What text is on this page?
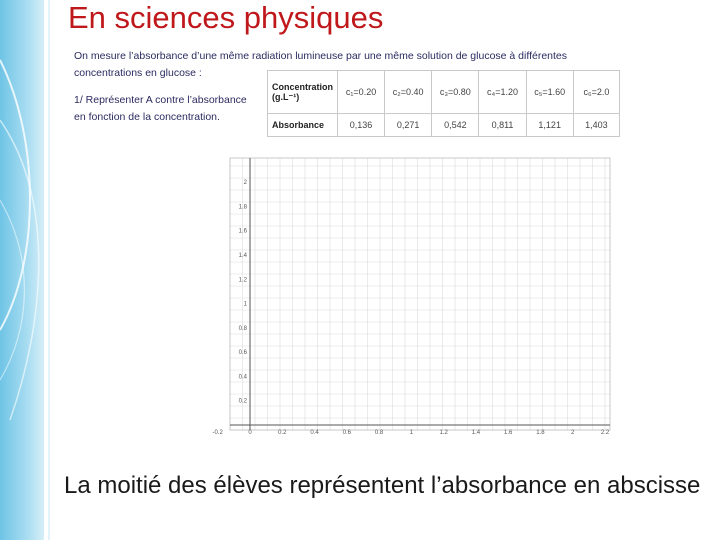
En sciences physiques
On mesure l’absorbance d’une même radiation lumineuse par une même solution de glucose à différentes concentrations en glucose :
1/ Représenter A contre l’absorbance en fonction de la concentration.
Concentration (g.L⁻¹)	c₁=0.20	c₂=0.40	c₃=0.80	c₄=1.20	c₅=1.60	c₆=2.0
Absorbance	0,136	0,271	0,542	0,811	1,121	1,403
-0.2	0	0.2	0.4	0.6	0.8	1	1.2	1.4	1.6	1.8	2	2.2
0.2
0.4
0.6
0.8
1
1.2
1.4
1.6
1.8
2
La moitié des élèves représentent l’absorbance en abscisse
